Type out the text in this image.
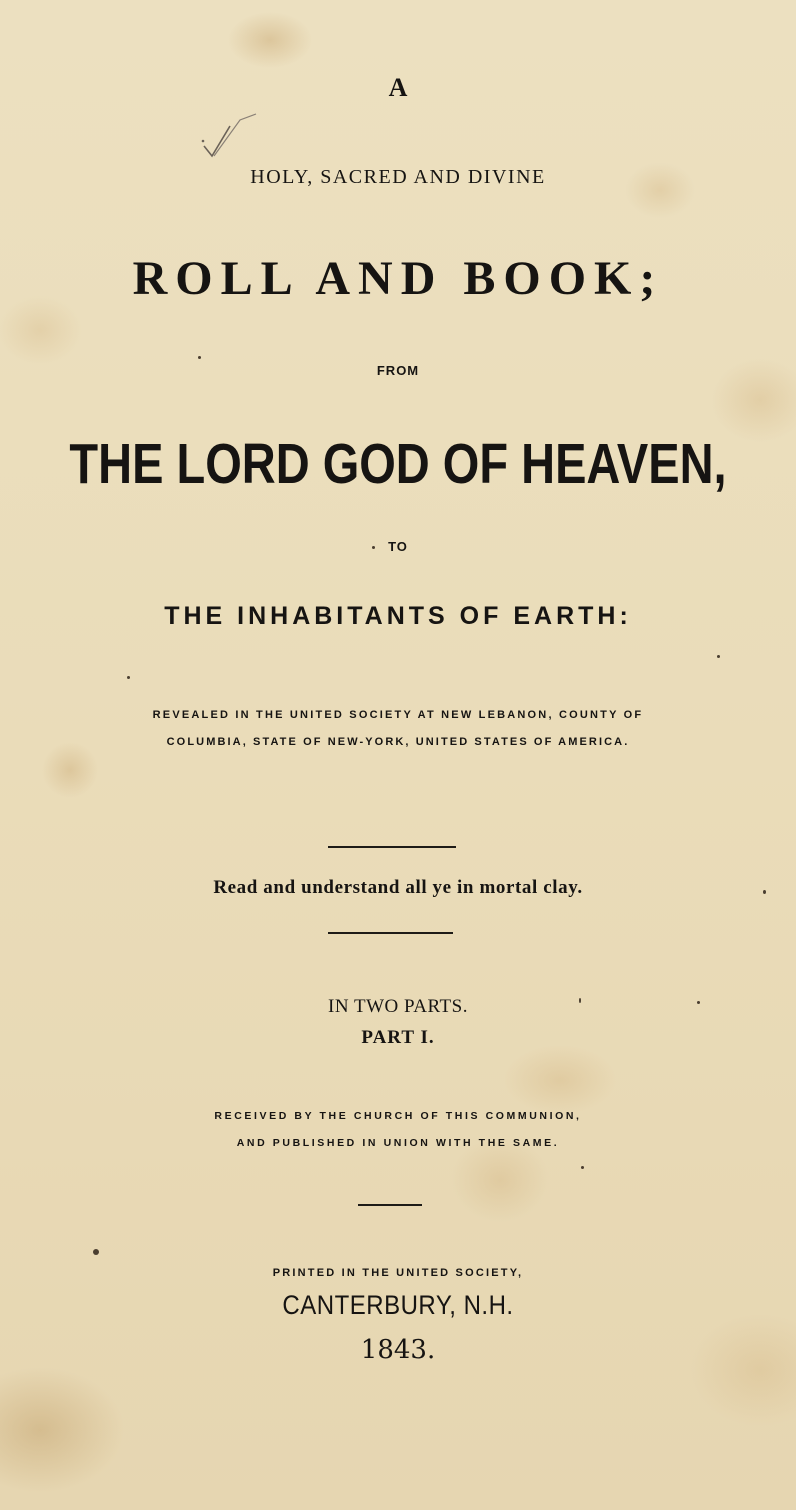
A

HOLY, SACRED AND DIVINE

ROLL AND BOOK;

FROM

THE LORD GOD OF HEAVEN,

TO

THE INHABITANTS OF EARTH:

REVEALED IN THE UNITED SOCIETY AT NEW LEBANON, COUNTY OF

COLUMBIA, STATE OF NEW-YORK, UNITED STATES OF AMERICA.

Read and understand all ye in mortal clay.

IN TWO PARTS.

PART I.

RECEIVED BY THE CHURCH OF THIS COMMUNION,

AND PUBLISHED IN UNION WITH THE SAME.

PRINTED IN THE UNITED SOCIETY,

CANTERBURY, N.H.

1843.
